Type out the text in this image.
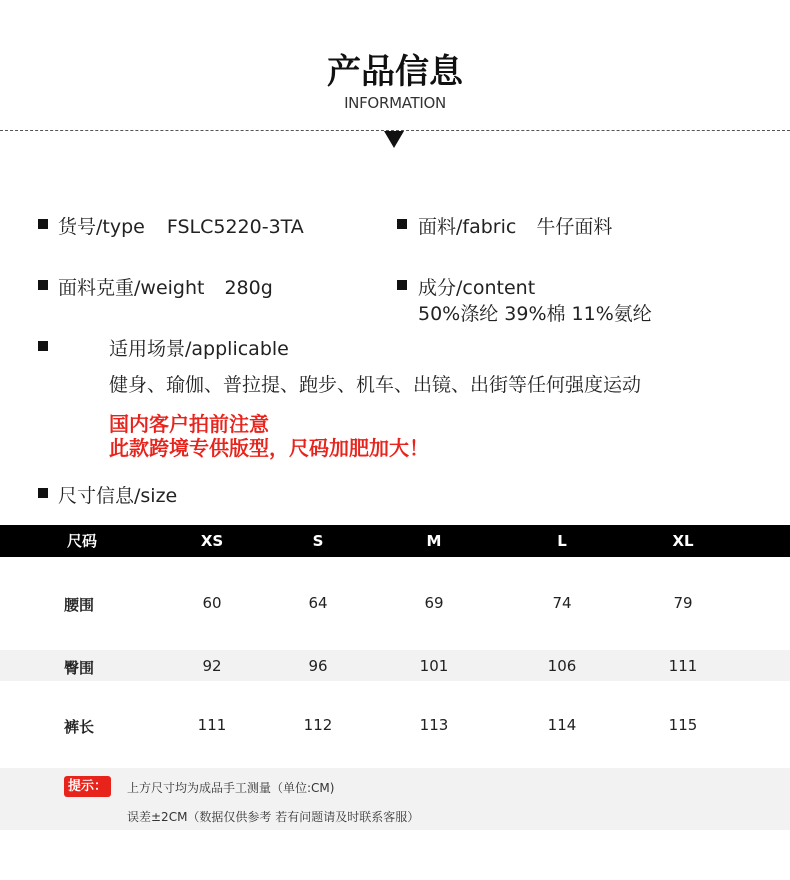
产品信息
INFORMATION
货号/type FSLC5220-3TA	面料/fabric 牛仔面料
面料克重/weight 280g	成分/content
50%涤纶 39%棉 11%氨纶
适用场景/applicable
健身、瑜伽、普拉提、跑步、机车、出镜、出街等任何强度运动
国内客户拍前注意
此款跨境专供版型，尺码加肥加大！
尺寸信息/size
尺码	XS	S	M	L	XL
腰围	60	64	69	74	79
臀围	92	96	101	106	111
裤长	111	112	113	114	115
提示：	上方尺寸均为成品手工测量（单位:CM)
误差±2CM（数据仅供参考 若有问题请及时联系客服）
